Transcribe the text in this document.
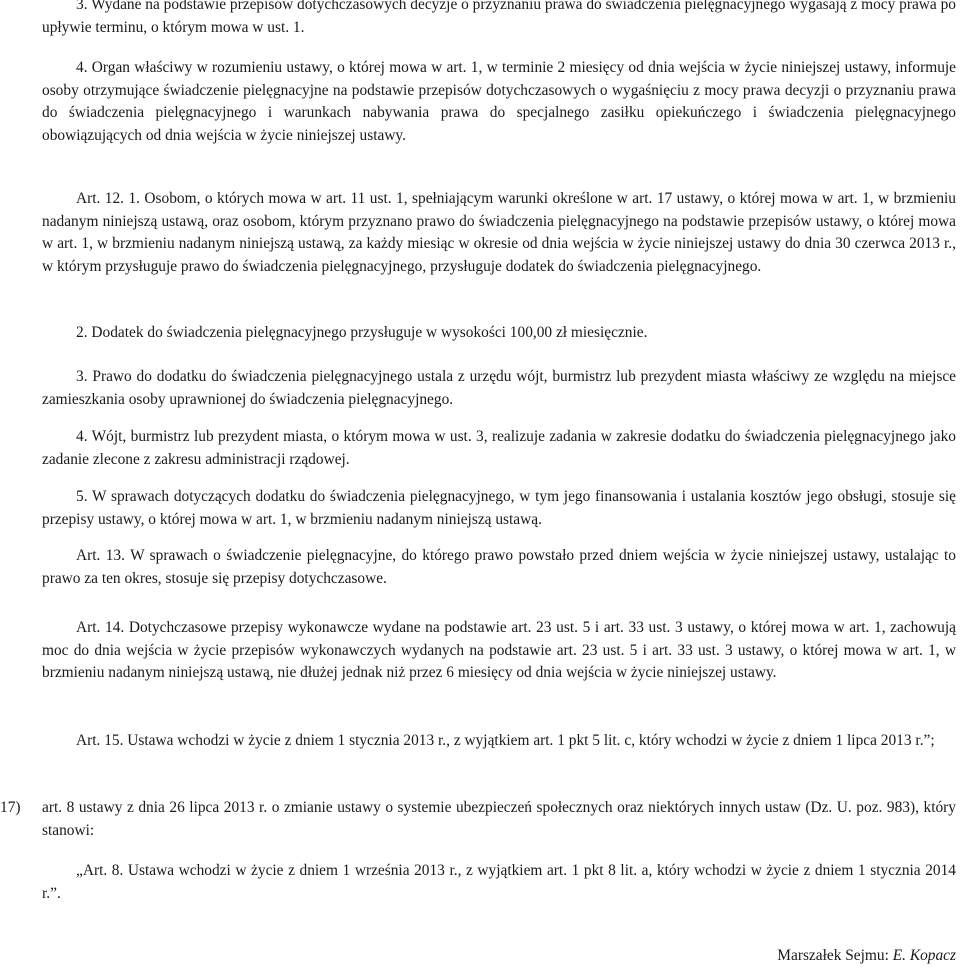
3. Wydane na podstawie przepisów dotychczasowych decyzje o przyznaniu prawa do świadczenia pielęgnacyjnego wygasają z mocy prawa po upływie terminu, o którym mowa w ust. 1.

4. Organ właściwy w rozumieniu ustawy, o której mowa w art. 1, w terminie 2 miesięcy od dnia wejścia w życie niniejszej ustawy, informuje osoby otrzymujące świadczenie pielęgnacyjne na podstawie przepisów dotychczasowych o wygaśnięciu z mocy prawa decyzji o przyznaniu prawa do świadczenia pielęgnacyjnego i warunkach nabywania prawa do specjalnego zasiłku opiekuńczego i świadczenia pielęgnacyjnego obowiązujących od dnia wejścia w życie niniejszej ustawy.

Art. 12. 1. Osobom, o których mowa w art. 11 ust. 1, spełniającym warunki określone w art. 17 ustawy, o której mowa w art. 1, w brzmieniu nadanym niniejszą ustawą, oraz osobom, którym przyznano prawo do świadczenia pielęgnacyjnego na podstawie przepisów ustawy, o której mowa w art. 1, w brzmieniu nadanym niniejszą ustawą, za każdy miesiąc w okresie od dnia wejścia w życie niniejszej ustawy do dnia 30 czerwca 2013 r., w którym przysługuje prawo do świadczenia pielęgnacyjnego, przysługuje dodatek do świadczenia pielęgnacyjnego.

2. Dodatek do świadczenia pielęgnacyjnego przysługuje w wysokości 100,00 zł miesięcznie.

3. Prawo do dodatku do świadczenia pielęgnacyjnego ustala z urzędu wójt, burmistrz lub prezydent miasta właściwy ze względu na miejsce zamieszkania osoby uprawnionej do świadczenia pielęgnacyjnego.

4. Wójt, burmistrz lub prezydent miasta, o którym mowa w ust. 3, realizuje zadania w zakresie dodatku do świadczenia pielęgnacyjnego jako zadanie zlecone z zakresu administracji rządowej.

5. W sprawach dotyczących dodatku do świadczenia pielęgnacyjnego, w tym jego finansowania i ustalania kosztów jego obsługi, stosuje się przepisy ustawy, o której mowa w art. 1, w brzmieniu nadanym niniejszą ustawą.

Art. 13. W sprawach o świadczenie pielęgnacyjne, do którego prawo powstało przed dniem wejścia w życie niniejszej ustawy, ustalając to prawo za ten okres, stosuje się przepisy dotychczasowe.

Art. 14. Dotychczasowe przepisy wykonawcze wydane na podstawie art. 23 ust. 5 i art. 33 ust. 3 ustawy, o której mowa w art. 1, zachowują moc do dnia wejścia w życie przepisów wykonawczych wydanych na podstawie art. 23 ust. 5 i art. 33 ust. 3 ustawy, o której mowa w art. 1, w brzmieniu nadanym niniejszą ustawą, nie dłużej jednak niż przez 6 miesięcy od dnia wejścia w życie niniejszej ustawy.

Art. 15. Ustawa wchodzi w życie z dniem 1 stycznia 2013 r., z wyjątkiem art. 1 pkt 5 lit. c, który wchodzi w życie z dniem 1 lipca 2013 r.”;

17) art. 8 ustawy z dnia 26 lipca 2013 r. o zmianie ustawy o systemie ubezpieczeń społecznych oraz niektórych innych ustaw (Dz. U. poz. 983), który stanowi:

„Art. 8. Ustawa wchodzi w życie z dniem 1 września 2013 r., z wyjątkiem art. 1 pkt 8 lit. a, który wchodzi w życie z dniem 1 stycznia 2014 r.”.

Marszałek Sejmu: E. Kopacz
